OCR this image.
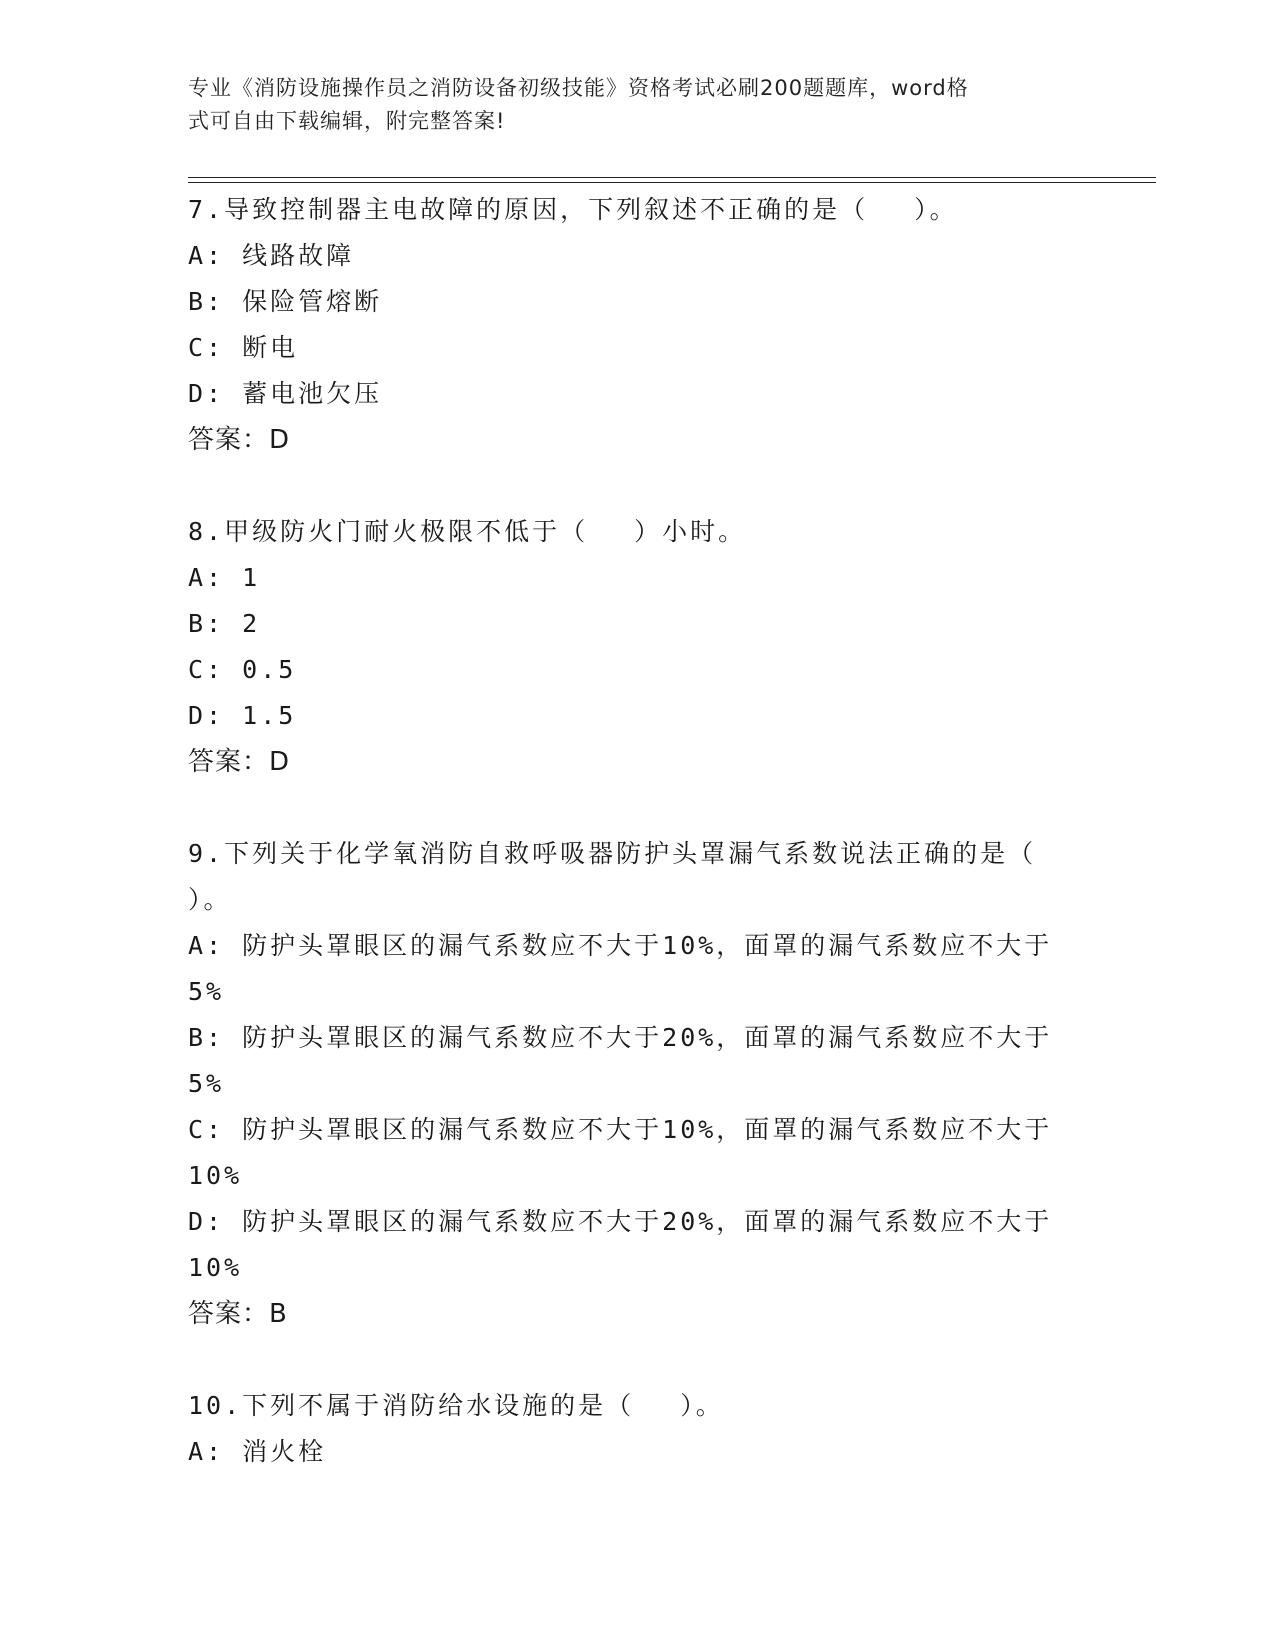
专业《消防设施操作员之消防设备初级技能》资格考试必刷200题题库，word格
式可自由下载编辑，附完整答案!
7.导致控制器主电故障的原因，下列叙述不正确的是（　 ）。
A: 线路故障
B: 保险管熔断
C: 断电
D: 蓄电池欠压
答案：D
8.甲级防火门耐火极限不低于（　 ）小时。
A: 1
B: 2
C: 0.5
D: 1.5
答案：D
9.下列关于化学氧消防自救呼吸器防护头罩漏气系数说法正确的是（
）。
A: 防护头罩眼区的漏气系数应不大于10%，面罩的漏气系数应不大于
5%
B: 防护头罩眼区的漏气系数应不大于20%，面罩的漏气系数应不大于
5%
C: 防护头罩眼区的漏气系数应不大于10%，面罩的漏气系数应不大于
10%
D: 防护头罩眼区的漏气系数应不大于20%，面罩的漏气系数应不大于
10%
答案：B
10.下列不属于消防给水设施的是（　 ）。
A: 消火栓
